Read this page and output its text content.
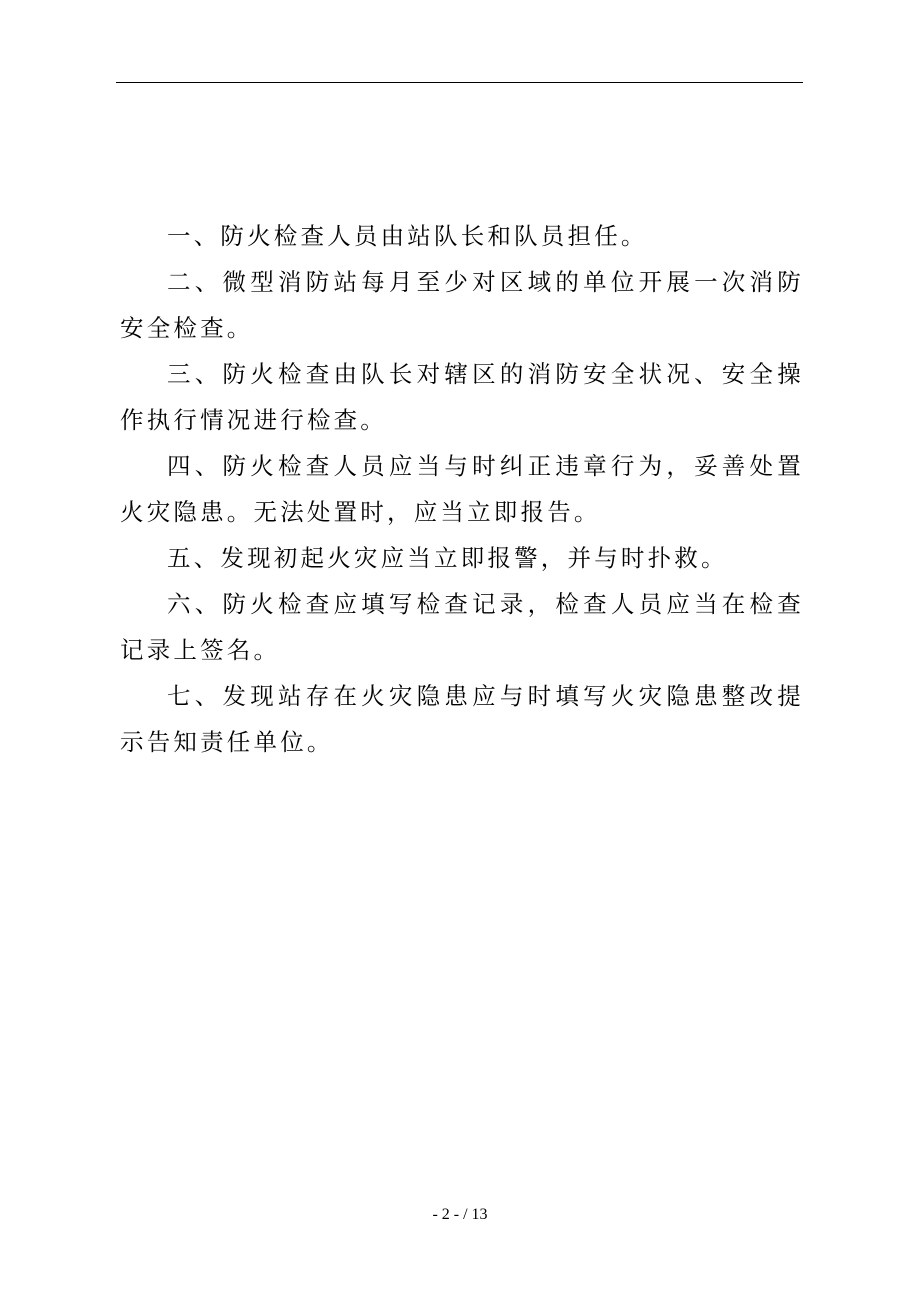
一、防火检查人员由站队长和队员担任。

二、微型消防站每月至少对区域的单位开展一次消防安全检查。

三、防火检查由队长对辖区的消防安全状况、安全操作执行情况进行检查。

四、防火检查人员应当与时纠正违章行为，妥善处置火灾隐患。无法处置时，应当立即报告。

五、发现初起火灾应当立即报警，并与时扑救。

六、防火检查应填写检查记录，检查人员应当在检查记录上签名。

七、发现站存在火灾隐患应与时填写火灾隐患整改提示告知责任单位。

- 2 - / 13
